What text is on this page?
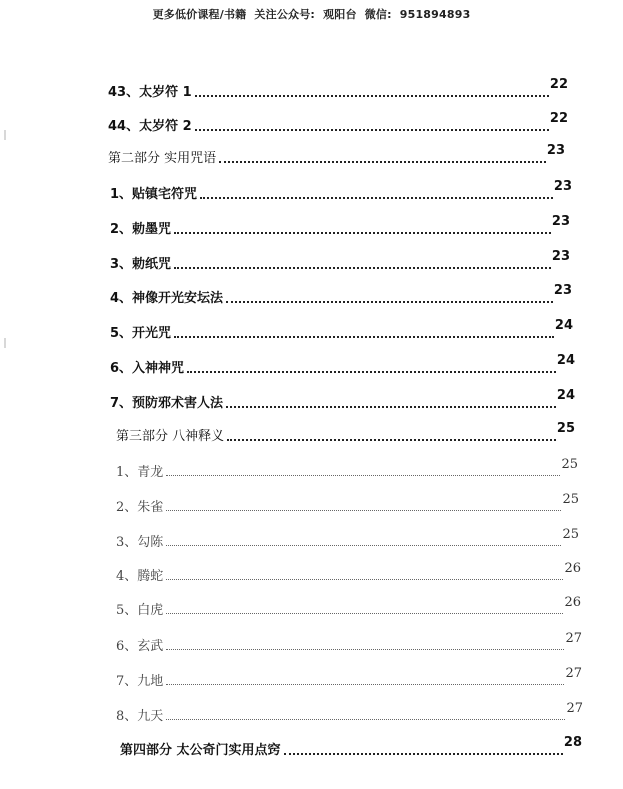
更多低价课程/书籍 关注公众号: 观阳台 微信: 951894893
43、太岁符 1
22
44、太岁符 2
22
第二部分 实用咒语
23
1、贴镇宅符咒
23
2、勅墨咒
23
3、勅纸咒
23
4、神像开光安坛法
23
5、开光咒
24
6、入神神咒
24
7、预防邪术害人法
24
第三部分 八神释义
25
1、青龙
25
2、朱雀
25
3、勾陈
25
4、腾蛇
26
5、白虎
26
6、玄武
27
7、九地
27
8、九天
27
第四部分 太公奇门实用点窍
28
